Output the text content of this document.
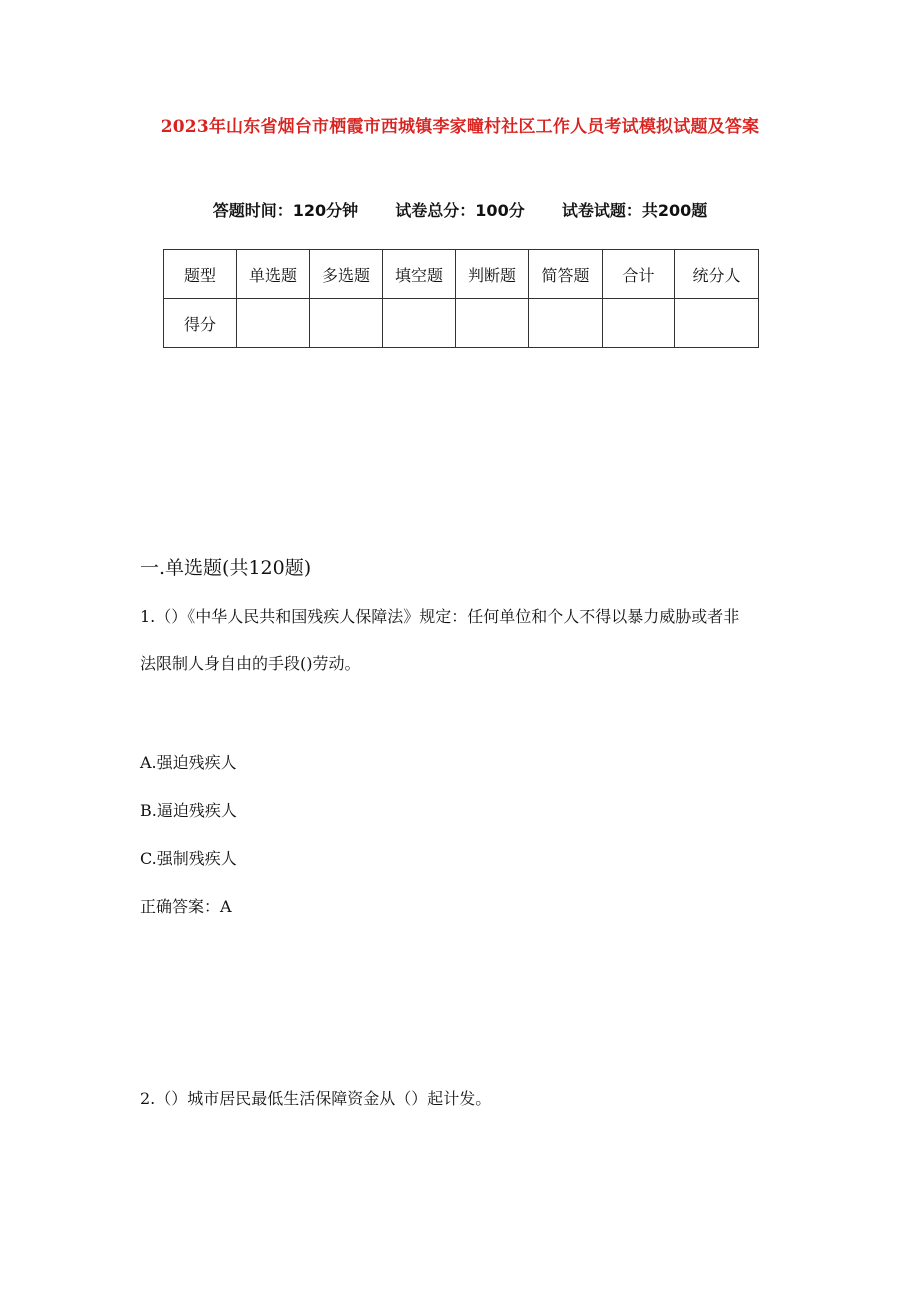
2023年山东省烟台市栖霞市西城镇李家疃村社区工作人员考试模拟试题及答案
答题时间：120分钟 试卷总分：100分 试卷试题：共200题
题型	单选题	多选题	填空题	判断题	简答题	合计	统分人
得分							
一.单选题(共120题)
1.（）《中华人民共和国残疾人保障法》规定：任何单位和个人不得以暴力威胁或者非
法限制人身自由的手段()劳动。
A.强迫残疾人
B.逼迫残疾人
C.强制残疾人
正确答案：A
2.（）城市居民最低生活保障资金从（）起计发。
